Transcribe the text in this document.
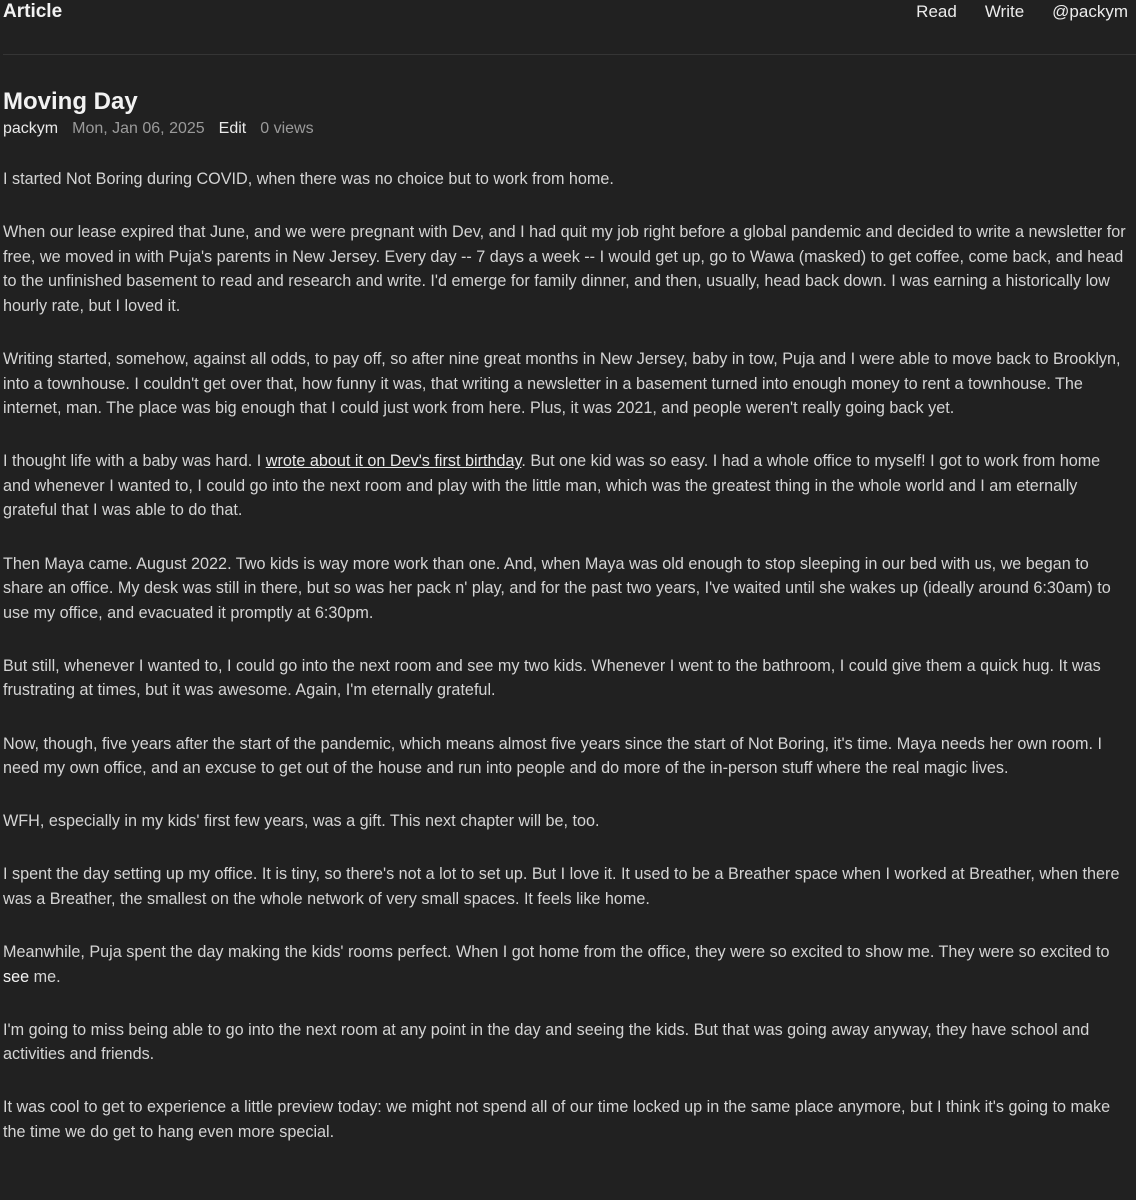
Article	Read Write @packym
Moving Day
packym Mon, Jan 06, 2025 Edit 0 views

I started Not Boring during COVID, when there was no choice but to work from home.

When our lease expired that June, and we were pregnant with Dev, and I had quit my job right before a global pandemic and decided to write a newsletter for free, we moved in with Puja's parents in New Jersey. Every day -- 7 days a week -- I would get up, go to Wawa (masked) to get coffee, come back, and head to the unfinished basement to read and research and write. I'd emerge for family dinner, and then, usually, head back down. I was earning a historically low hourly rate, but I loved it.

Writing started, somehow, against all odds, to pay off, so after nine great months in New Jersey, baby in tow, Puja and I were able to move back to Brooklyn, into a townhouse. I couldn't get over that, how funny it was, that writing a newsletter in a basement turned into enough money to rent a townhouse. The internet, man. The place was big enough that I could just work from here. Plus, it was 2021, and people weren't really going back yet.

I thought life with a baby was hard. I wrote about it on Dev's first birthday. But one kid was so easy. I had a whole office to myself! I got to work from home and whenever I wanted to, I could go into the next room and play with the little man, which was the greatest thing in the whole world and I am eternally grateful that I was able to do that.

Then Maya came. August 2022. Two kids is way more work than one. And, when Maya was old enough to stop sleeping in our bed with us, we began to share an office. My desk was still in there, but so was her pack n' play, and for the past two years, I've waited until she wakes up (ideally around 6:30am) to use my office, and evacuated it promptly at 6:30pm.

But still, whenever I wanted to, I could go into the next room and see my two kids. Whenever I went to the bathroom, I could give them a quick hug. It was frustrating at times, but it was awesome. Again, I'm eternally grateful.

Now, though, five years after the start of the pandemic, which means almost five years since the start of Not Boring, it's time. Maya needs her own room. I need my own office, and an excuse to get out of the house and run into people and do more of the in-person stuff where the real magic lives.

WFH, especially in my kids' first few years, was a gift. This next chapter will be, too.

I spent the day setting up my office. It is tiny, so there's not a lot to set up. But I love it. It used to be a Breather space when I worked at Breather, when there was a Breather, the smallest on the whole network of very small spaces. It feels like home.

Meanwhile, Puja spent the day making the kids' rooms perfect. When I got home from the office, they were so excited to show me. They were so excited to see me.

I'm going to miss being able to go into the next room at any point in the day and seeing the kids. But that was going away anyway, they have school and activities and friends.

It was cool to get to experience a little preview today: we might not spend all of our time locked up in the same place anymore, but I think it's going to make the time we do get to hang even more special.
